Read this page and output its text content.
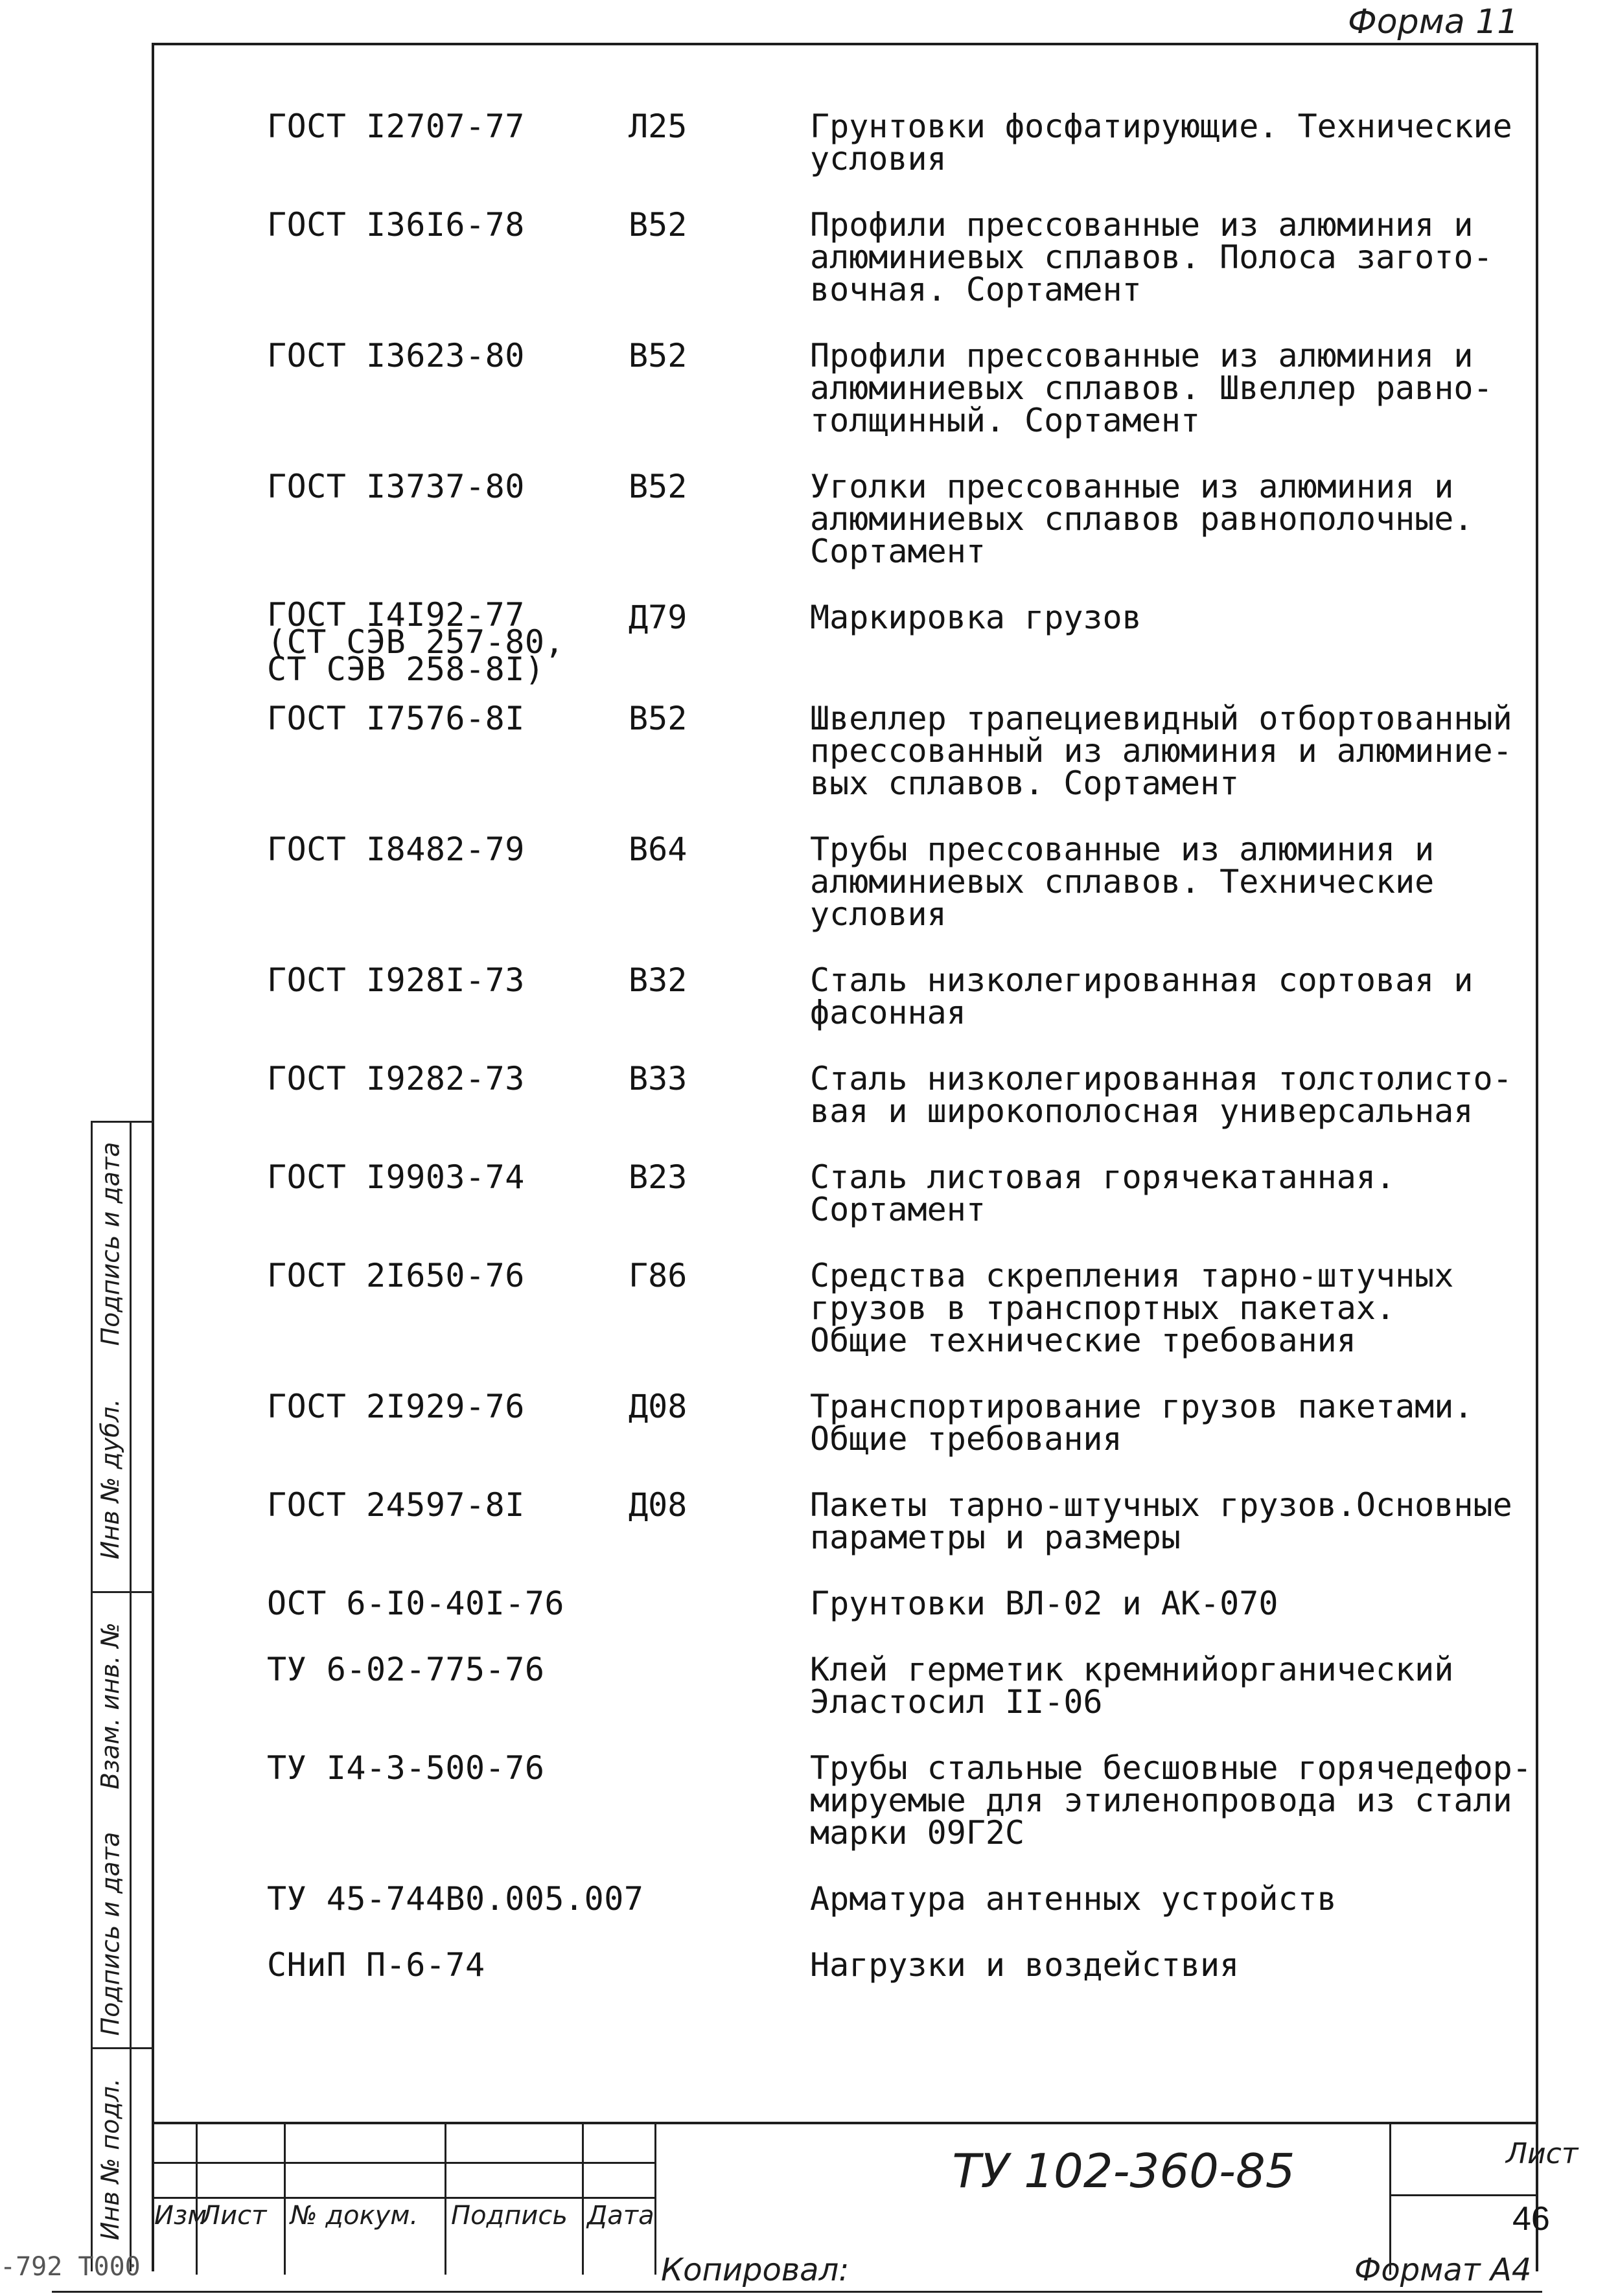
Форма 11
ГОСТ I2707-77	Л25	Грунтовки фосфатирующие. Технические
условия
ГОСТ I36I6-78	В52	Профили прессованные из алюминия и
алюминиевых сплавов. Полоса загото-
вочная. Сортамент
ГОСТ I3623-80	В52	Профили прессованные из алюминия и
алюминиевых сплавов. Швеллер равно-
толщинный. Сортамент
ГОСТ I3737-80	В52	Уголки прессованные из алюминия и
алюминиевых сплавов равнополочные.
Сортамент
ГОСТ I4I92-77
(СТ СЭВ 257-80,
СТ СЭВ 258-8I)
Д79	Маркировка грузов
ГОСТ I7576-8I	В52	Швеллер трапециевидный отбортованный
прессованный из алюминия и алюминие-
вых сплавов. Сортамент
ГОСТ I8482-79	В64	Трубы прессованные из алюминия и
алюминиевых сплавов. Технические
условия
ГОСТ I928I-73	В32	Сталь низколегированная сортовая и
фасонная
ГОСТ I9282-73	В33	Сталь низколегированная толстолисто-
вая и широкополосная универсальная
ГОСТ I9903-74	В23	Сталь листовая горячекатанная.
Сортамент
ГОСТ 2I650-76	Г86	Средства скрепления тарно-штучных
грузов в транспортных пакетах.
Общие технические требования
ГОСТ 2I929-76	Д08	Транспортирование грузов пакетами.
Общие требования
ГОСТ 24597-8I	Д08	Пакеты тарно-штучных грузов.Основные
параметры и размеры
ОСТ 6-I0-40I-76	Грунтовки ВЛ-02 и АК-070
ТУ 6-02-775-76	Клей герметик кремнийорганический
Эластосил II-06
ТУ I4-3-500-76	Трубы стальные бесшовные горячедефор-
мируемые для этиленопровода из стали
марки 09Г2С
ТУ 45-744В0.005.007	Арматура антенных устройств
СНиП П-6-74	Нагрузки и воздействия
Инв № подл.
Подпись и дата
Взам. инв. №
Инв № дубл.
Подпись и дата
Изм
Лист № докум. Подпись Дата
ТУ 102-360-85	Лист
46
-792 T000	Копировал:	Формат А4
